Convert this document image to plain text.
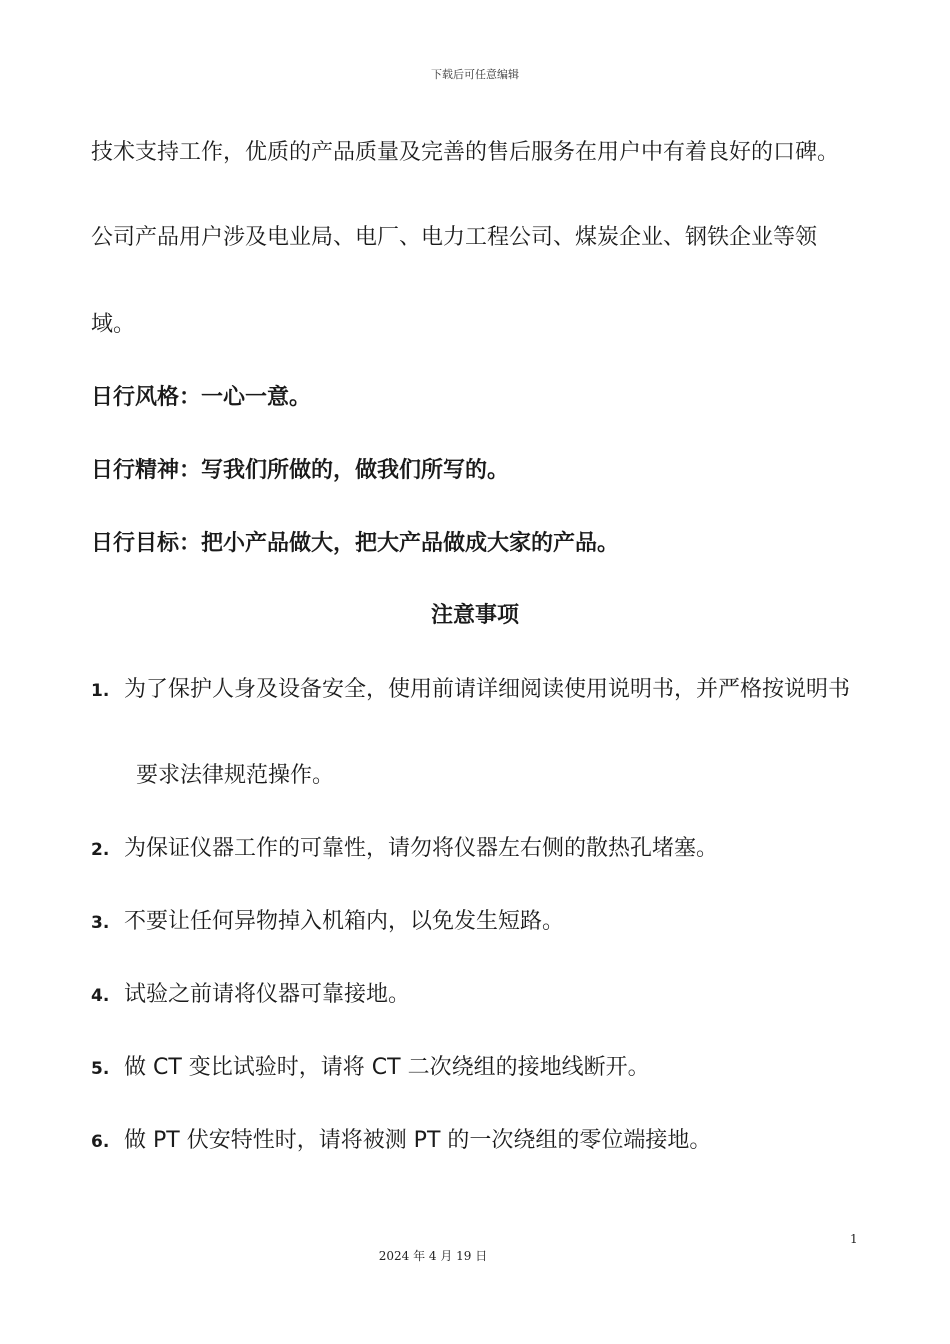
下载后可任意编辑
技术支持工作，优质的产品质量及完善的售后服务在用户中有着良好的口碑。
公司产品用户涉及电业局、电厂、电力工程公司、煤炭企业、钢铁企业等领
域。
日行风格：一心一意。
日行精神：写我们所做的，做我们所写的。
日行目标：把小产品做大，把大产品做成大家的产品。
注意事项
1. 为了保护人身及设备安全，使用前请详细阅读使用说明书，并严格按说明书
要求法律规范操作。
2. 为保证仪器工作的可靠性，请勿将仪器左右侧的散热孔堵塞。
3. 不要让任何异物掉入机箱内，以免发生短路。
4. 试验之前请将仪器可靠接地。
5. 做 CT 变比试验时，请将 CT 二次绕组的接地线断开。
6. 做 PT 伏安特性时，请将被测 PT 的一次绕组的零位端接地。
1
2024 年 4 月 19 日
